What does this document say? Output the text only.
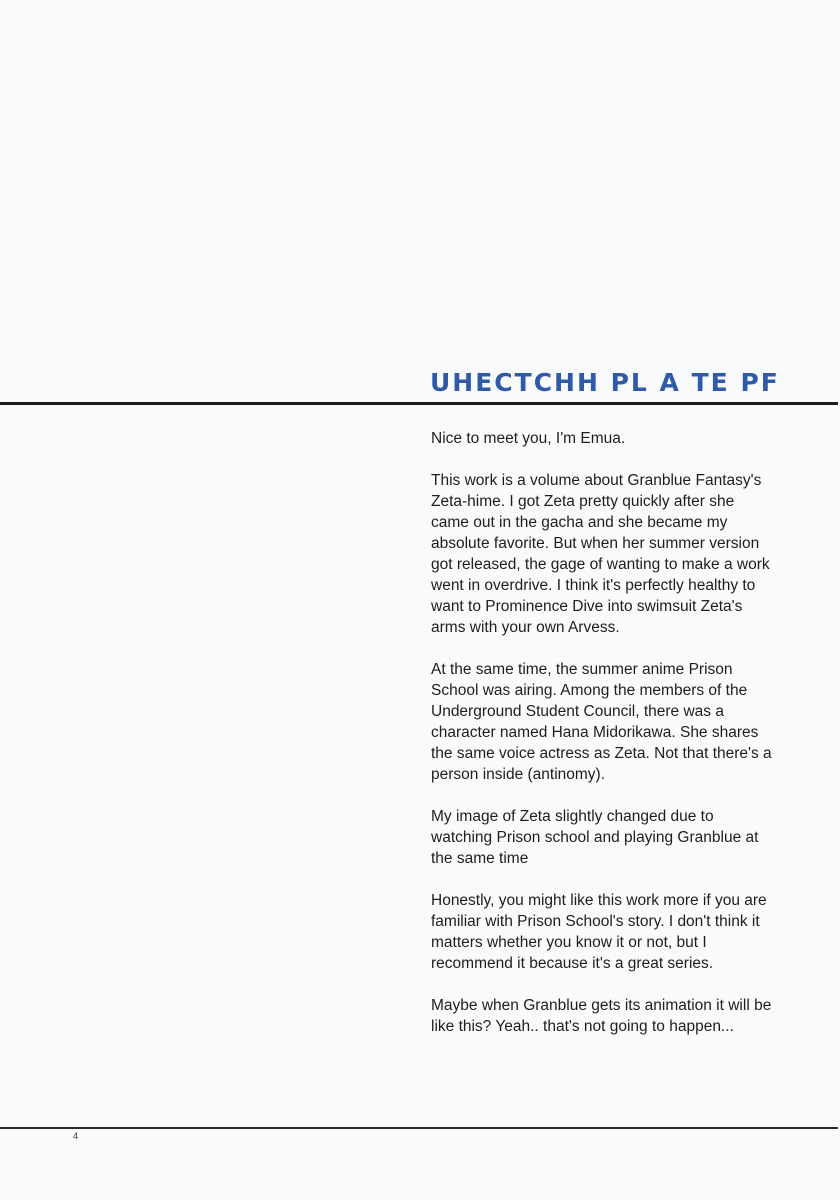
UHECTCHH PL A TE PF

Nice to meet you, I'm Emua.

This work is a volume about Granblue Fantasy's Zeta-hime. I got Zeta pretty quickly after she came out in the gacha and she became my absolute favorite. But when her summer version got released, the gage of wanting to make a work went in overdrive. I think it's perfectly healthy to want to Prominence Dive into swimsuit Zeta's arms with your own Arvess.

At the same time, the summer anime Prison School was airing. Among the members of the Underground Student Council, there was a character named Hana Midorikawa. She shares the same voice actress as Zeta. Not that there's a person inside (antinomy).

My image of Zeta slightly changed due to watching Prison school and playing Granblue at the same time

Honestly, you might like this work more if you are familiar with Prison School's story. I don't think it matters whether you know it or not, but I recommend it because it's a great series.

Maybe when Granblue gets its animation it will be like this? Yeah.. that's not going to happen...

4
